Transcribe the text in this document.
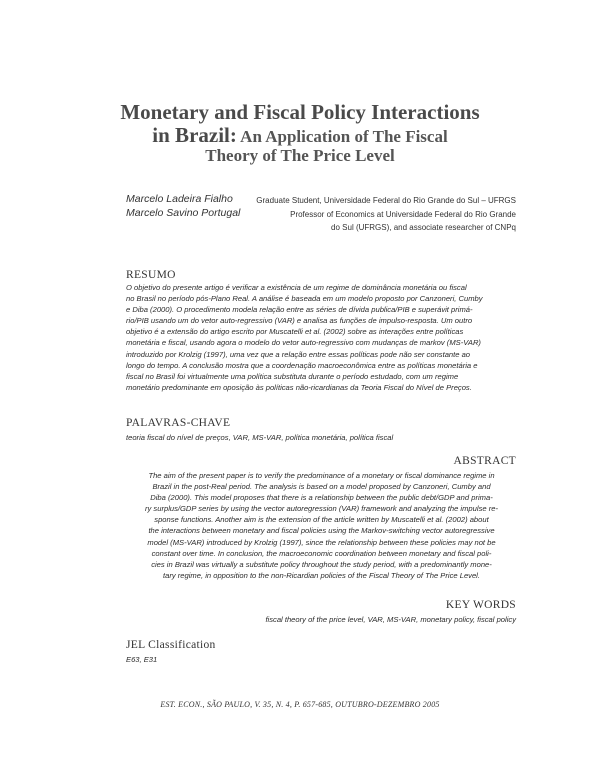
Monetary and Fiscal Policy Interactions
in Brazil: An Application of The Fiscal
Theory of The Price Level
Marcelo Ladeira Fialho
Marcelo Savino Portugal
Graduate Student, Universidade Federal do Rio Grande do Sul – UFRGS
Professor of Economics at Universidade Federal do Rio Grande
do Sul (UFRGS), and associate researcher of CNPq
RESUMO
O objetivo do presente artigo é verificar a existência de um regime de dominância monetária ou fiscal
no Brasil no período pós-Plano Real. A análise é baseada em um modelo proposto por Canzoneri, Cumby
e Diba (2000). O procedimento modela relação entre as séries de dívida publica/PIB e superávit primá-
rio/PIB usando um do vetor auto-regressivo (VAR) e analisa as funções de impulso-resposta. Um outro
objetivo é a extensão do artigo escrito por Muscatelli et al. (2002) sobre as interações entre políticas
monetária e fiscal, usando agora o modelo do vetor auto-regressivo com mudanças de markov (MS-VAR)
introduzido por Krolzig (1997), uma vez que a relação entre essas políticas pode não ser constante ao
longo do tempo. A conclusão mostra que a coordenação macroeconômica entre as políticas monetária e
fiscal no Brasil foi virtualmente uma política substituta durante o período estudado, com um regime
monetário predominante em oposição às políticas não-ricardianas da Teoria Fiscal do Nível de Preços.
PALAVRAS-CHAVE
teoria fiscal do nível de preços, VAR, MS-VAR, política monetária, política fiscal
ABSTRACT
The aim of the present paper is to verify the predominance of a monetary or fiscal dominance regime in
Brazil in the post-Real period. The analysis is based on a model proposed by Canzoneri, Cumby and
Diba (2000). This model proposes that there is a relationship between the public debt/GDP and prima-
ry surplus/GDP series by using the vector autoregression (VAR) framework and analyzing the impulse re-
sponse functions. Another aim is the extension of the article written by Muscatelli et al. (2002) about
the interactions between monetary and fiscal policies using the Markov-switching vector autoregressive
model (MS-VAR) introduced by Krolzig (1997), since the relationship between these policies may not be
constant over time. In conclusion, the macroeconomic coordination between monetary and fiscal poli-
cies in Brazil was virtually a substitute policy throughout the study period, with a predominantly mone-
tary regime, in opposition to the non-Ricardian policies of the Fiscal Theory of The Price Level.
KEY WORDS
fiscal theory of the price level, VAR, MS-VAR, monetary policy, fiscal policy
JEL Classification
E63, E31
EST. ECON., SÃO PAULO, V. 35, N. 4, P. 657-685, OUTUBRO-DEZEMBRO 2005
